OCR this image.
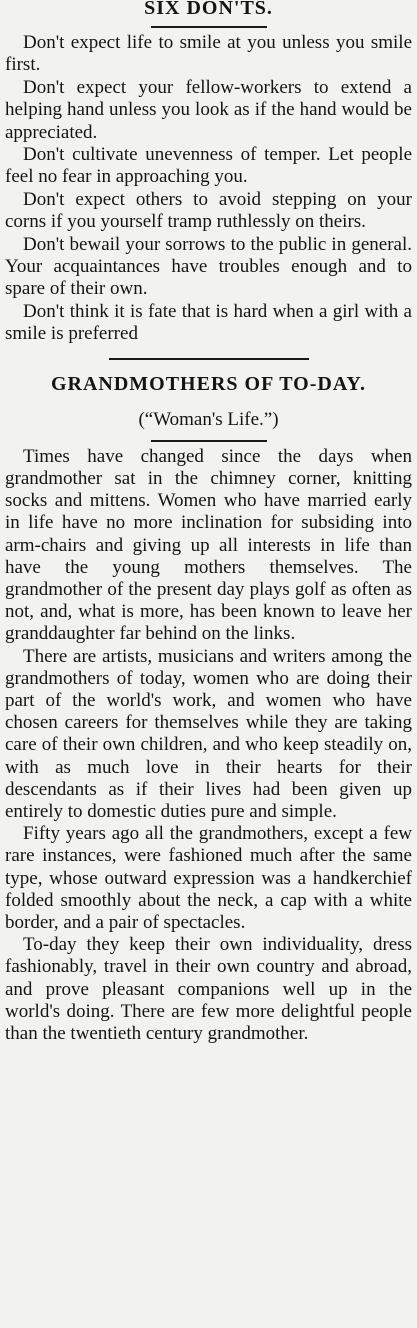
SIX DON'TS.

Don't expect life to smile at you unless you smile first.

Don't expect your fellow-workers to extend a helping hand unless you look as if the hand would be appreciated.

Don't cultivate unevenness of temper. Let people feel no fear in approaching you.

Don't expect others to avoid stepping on your corns if you yourself tramp ruthlessly on theirs.

Don't bewail your sorrows to the public in general. Your acquaintances have troubles enough and to spare of their own.

Don't think it is fate that is hard when a girl with a smile is preferred

GRANDMOTHERS OF TO-DAY.
(“Woman's Life.”)

Times have changed since the days when grandmother sat in the chimney corner, knitting socks and mittens. Women who have married early in life have no more inclination for subsiding into arm-chairs and giving up all interests in life than have the young mothers themselves. The grandmother of the present day plays golf as often as not, and, what is more, has been known to leave her granddaughter far behind on the links.

There are artists, musicians and writers among the grandmothers of today, women who are doing their part of the world's work, and women who have chosen careers for themselves while they are taking care of their own children, and who keep steadily on, with as much love in their hearts for their descendants as if their lives had been given up entirely to domestic duties pure and simple.

Fifty years ago all the grandmothers, except a few rare instances, were fashioned much after the same type, whose outward expression was a handkerchief folded smoothly about the neck, a cap with a white border, and a pair of spectacles.

To-day they keep their own individuality, dress fashionably, travel in their own country and abroad, and prove pleasant companions well up in the world's doing. There are few more delightful people than the twentieth century grandmother.
